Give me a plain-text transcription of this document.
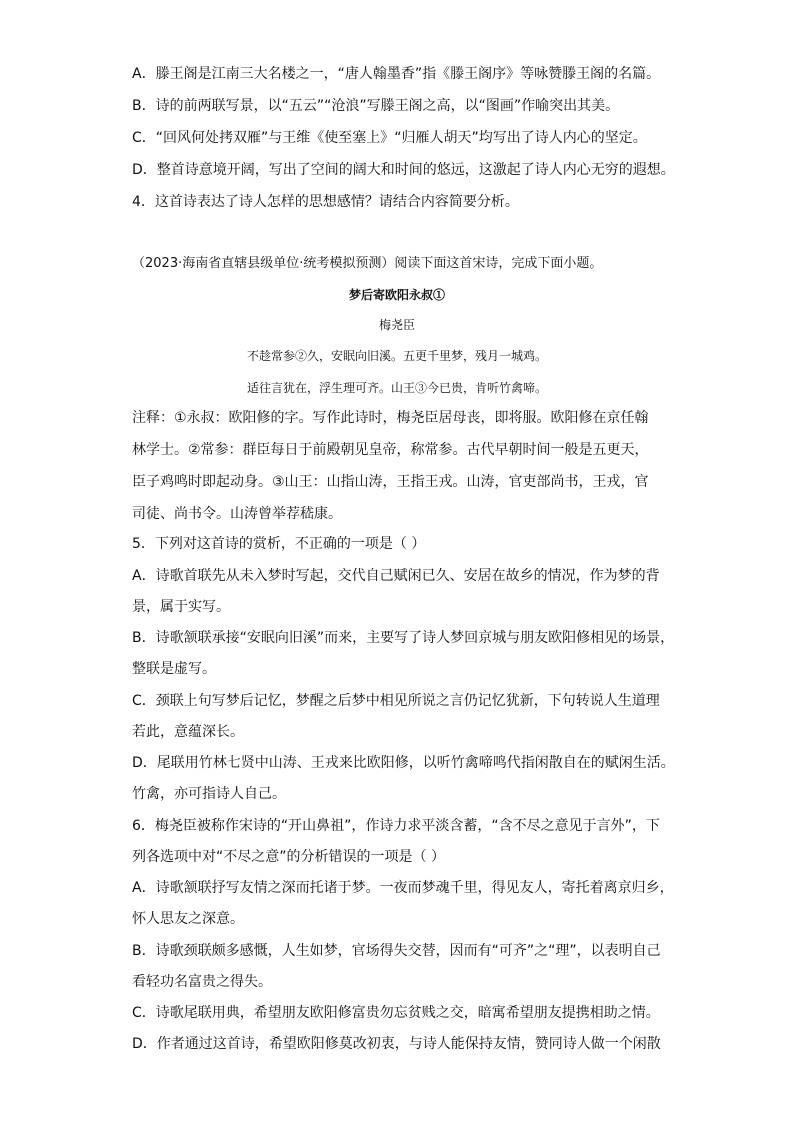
A．滕王阁是江南三大名楼之一，“唐人翰墨香”指《滕王阁序》等咏赞滕王阁的名篇。
B．诗的前两联写景，以“五云”“沧浪”写滕王阁之高，以“图画”作喻突出其美。
C．“回风何处拷双雁”与王维《使至塞上》“归雁人胡天”均写出了诗人内心的坚定。
D．整首诗意境开阔，写出了空间的阔大和时间的悠远，这激起了诗人内心无穷的遐想。
4．这首诗表达了诗人怎样的思想感情？请结合内容简要分析。
（2023·海南省直辖县级单位·统考模拟预测）阅读下面这首宋诗，完成下面小题。
梦后寄欧阳永叔①
梅尧臣
不趁常参②久，安眠向旧溪。五更千里梦，残月一城鸡。
适往言犹在，浮生理可齐。山王③今已贵，肯听竹禽啼。
注释：①永叔：欧阳修的字。写作此诗时，梅尧臣居母丧，即将服。欧阳修在京任翰
林学士。②常参：群臣每日于前殿朝见皇帝，称常参。古代早朝时间一般是五更天，
臣子鸡鸣时即起动身。③山王：山指山涛，王指王戎。山涛，官吏部尚书，王戎，官
司徒、尚书令。山涛曾举荐嵇康。
5．下列对这首诗的赏析，不正确的一项是（ ）
A．诗歌首联先从未入梦时写起，交代自己赋闲已久、安居在故乡的情况，作为梦的背
景，属于实写。
B．诗歌颔联承接“安眠向旧溪”而来，主要写了诗人梦回京城与朋友欧阳修相见的场景，
整联是虚写。
C．颈联上句写梦后记忆，梦醒之后梦中相见所说之言仍记忆犹新，下句转说人生道理
若此，意蕴深长。
D．尾联用竹林七贤中山涛、王戎来比欧阳修，以听竹禽啼鸣代指闲散自在的赋闲生活。
竹禽，亦可指诗人自己。
6．梅尧臣被称作宋诗的“开山鼻祖”，作诗力求平淡含蓄，“含不尽之意见于言外”，下
列各选项中对“不尽之意”的分析错误的一项是（ ）
A．诗歌颔联抒写友情之深而托诸于梦。一夜而梦魂千里，得见友人，寄托着离京归乡，
怀人思友之深意。
B．诗歌颈联颇多感慨，人生如梦，官场得失交替，因而有“可齐”之“理”，以表明自己
看轻功名富贵之得失。
C．诗歌尾联用典，希望朋友欧阳修富贵勿忘贫贱之交，暗寓希望朋友提携相助之情。
D．作者通过这首诗，希望欧阳修莫改初衷，与诗人能保持友情，赞同诗人做一个闲散
